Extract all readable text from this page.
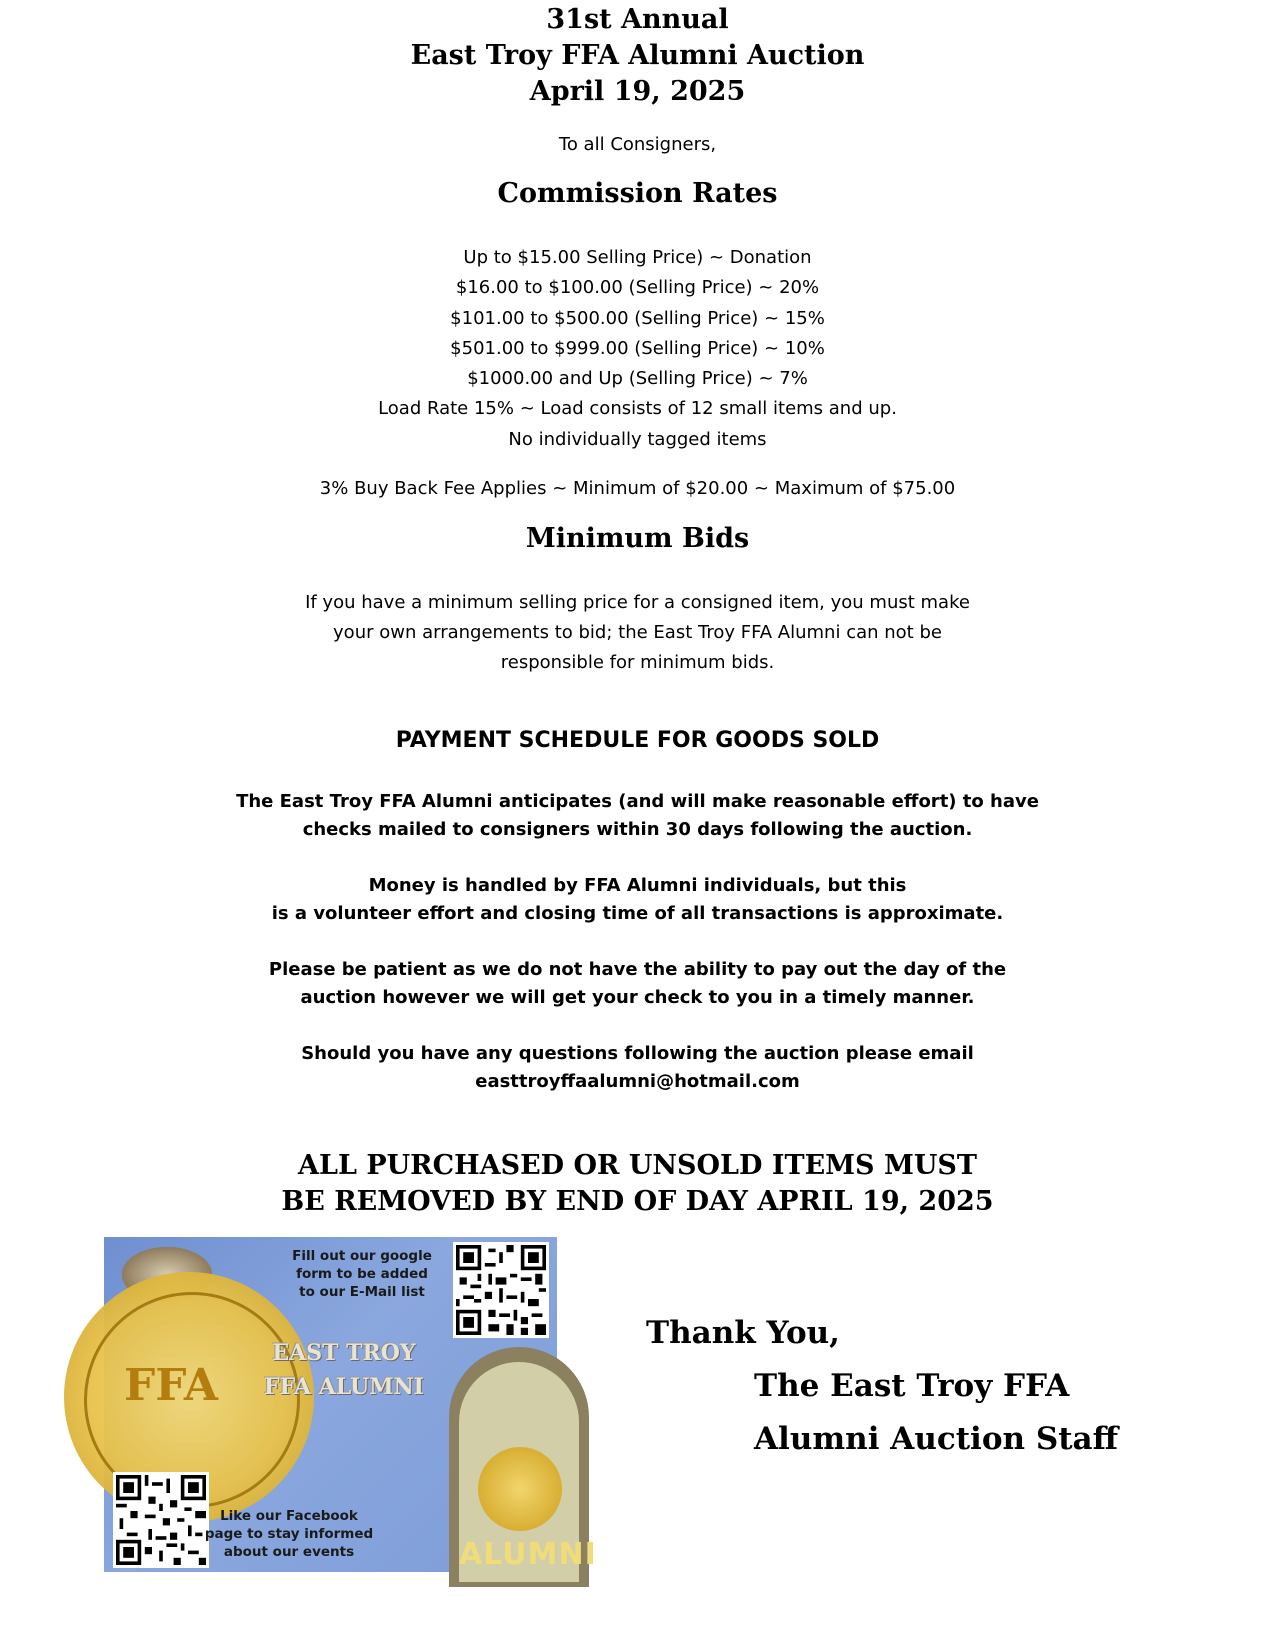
31st Annual
East Troy FFA Alumni Auction
April 19, 2025
To all Consigners,
Commission Rates
Up to $15.00 Selling Price) ~ Donation
$16.00 to $100.00 (Selling Price) ~ 20%
$101.00 to $500.00 (Selling Price) ~ 15%
$501.00 to $999.00 (Selling Price) ~ 10%
$1000.00 and Up (Selling Price) ~ 7%
Load Rate 15% ~ Load consists of 12 small items and up.
No individually tagged items
3% Buy Back Fee Applies ~ Minimum of $20.00 ~ Maximum of $75.00
Minimum Bids
If you have a minimum selling price for a consigned item, you must make
your own arrangements to bid; the East Troy FFA Alumni can not be
responsible for minimum bids.
PAYMENT SCHEDULE FOR GOODS SOLD
The East Troy FFA Alumni anticipates (and will make reasonable effort) to have
checks mailed to consigners within 30 days following the auction.
Money is handled by FFA Alumni individuals, but this
is a volunteer effort and closing time of all transactions is approximate.
Please be patient as we do not have the ability to pay out the day of the
auction however we will get your check to you in a timely manner.
Should you have any questions following the auction please email
easttroyffaalumni@hotmail.com
ALL PURCHASED OR UNSOLD ITEMS MUST
BE REMOVED BY END OF DAY APRIL 19, 2025
FFA
ALUMNI
Fill out our google
form to be added
to our E-Mail list
EAST TROY
FFA ALUMNI
Like our Facebook
page to stay informed
about our events
Thank You,
The East Troy FFA
Alumni Auction Staff
